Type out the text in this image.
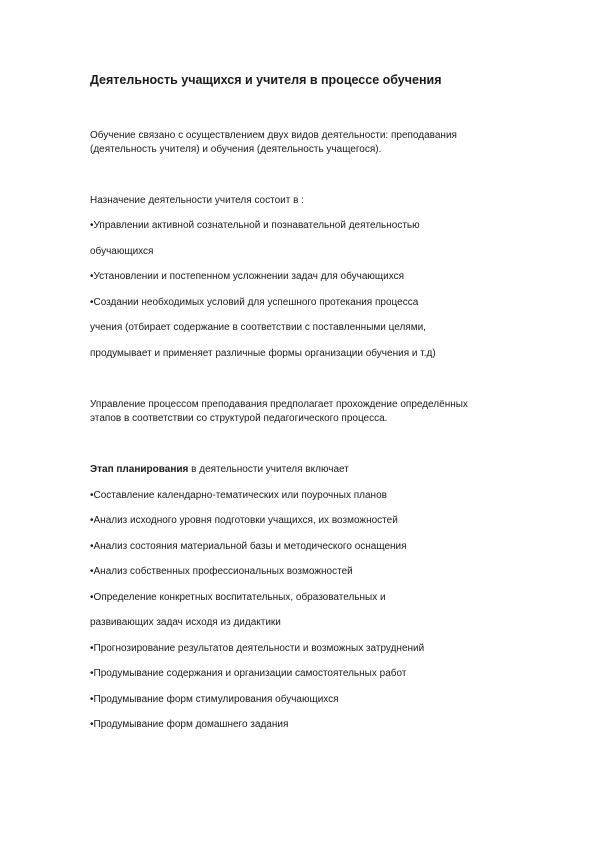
Деятельность учащихся и учителя в процессе обучения
Обучение связано с осуществлением двух видов деятельности: преподавания
(деятельность учителя) и обучения (деятельность учащегося).
Назначение деятельности учителя состоит в :
•Управлении активной сознательной и познавательной деятельностью
обучающихся
•Установлении и постепенном усложнении задач для обучающихся
•Создании необходимых условий для успешного протекания процесса
учения (отбирает содержание в соответствии с поставленными целями,
продумывает и применяет различные формы организации обучения и т.д)
Управление процессом преподавания предполагает прохождение определённых
этапов в соответствии со структурой педагогического процесса.
Этап планирования в деятельности учителя включает
•Составление календарно-тематических или поурочных планов
•Анализ исходного уровня подготовки учащихся, их возможностей
•Анализ состояния материальной базы и методического оснащения
•Анализ собственных профессиональных возможностей
•Определение конкретных воспитательных, образовательных и
развивающих задач исходя из дидактики
•Прогнозирование результатов деятельности и возможных затруднений
•Продумывание содержания и организации самостоятельных работ
•Продумывание форм стимулирования обучающихся
•Продумывание форм домашнего задания
